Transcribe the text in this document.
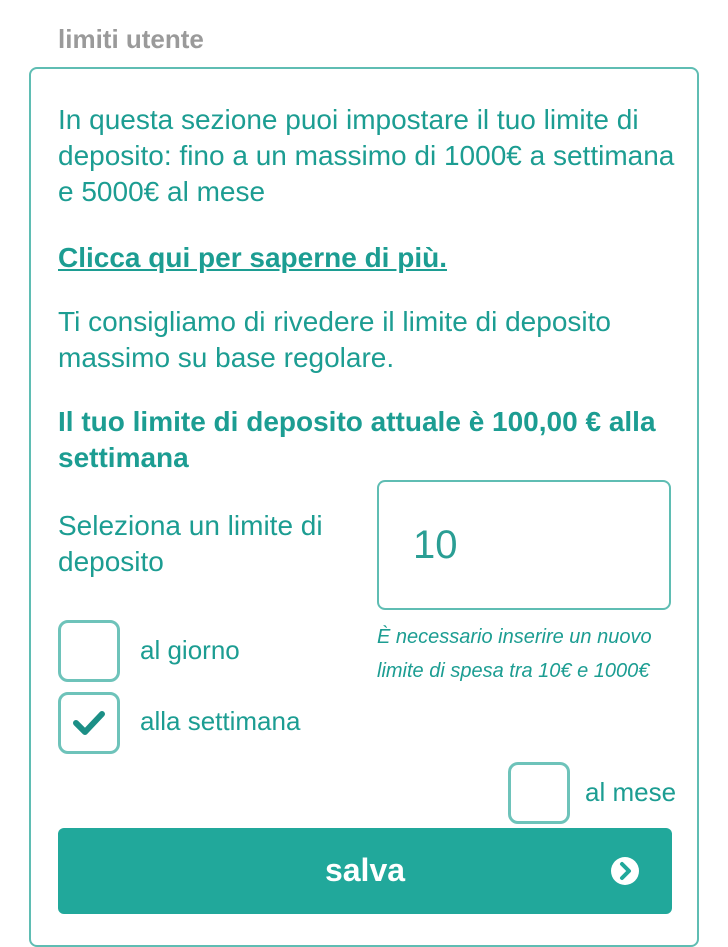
limiti utente
In questa sezione puoi impostare il tuo limite di deposito: fino a un massimo di 1000€ a settimana e 5000€ al mese
Clicca qui per saperne di più.
Ti consigliamo di rivedere il limite di deposito massimo su base regolare.
Il tuo limite di deposito attuale è 100,00 € alla settimana
Seleziona un limite di deposito
10
al giorno
alla settimana
È necessario inserire un nuovo limite di spesa tra 10€ e 1000€
al mese
salva
